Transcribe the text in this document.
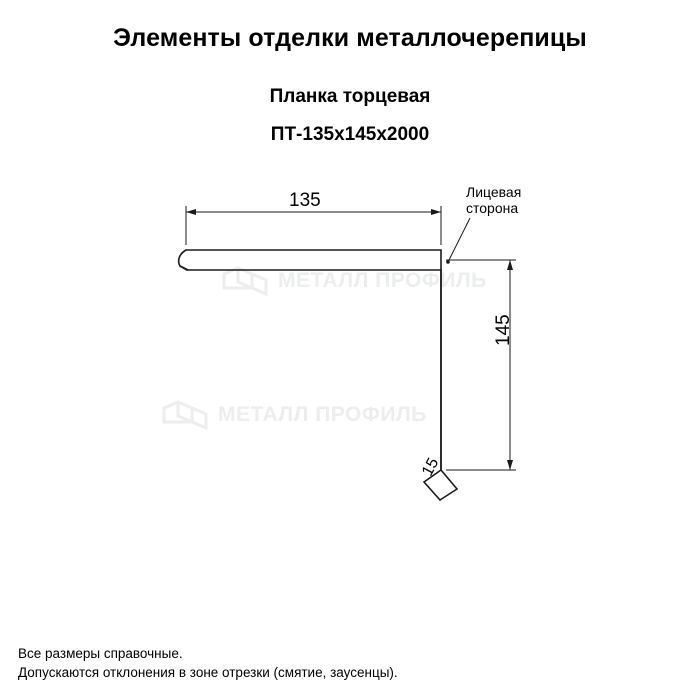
Элементы отделки металлочерепицы
Планка торцевая
ПТ-135х145х2000
МЕТАЛЛ ПРОФИЛЬ
МЕТАЛЛ ПРОФИЛЬ
135
145
15
Лицевая
сторона
Все размеры справочные.
Допускаются отклонения в зоне отрезки (смятие, заусенцы).
